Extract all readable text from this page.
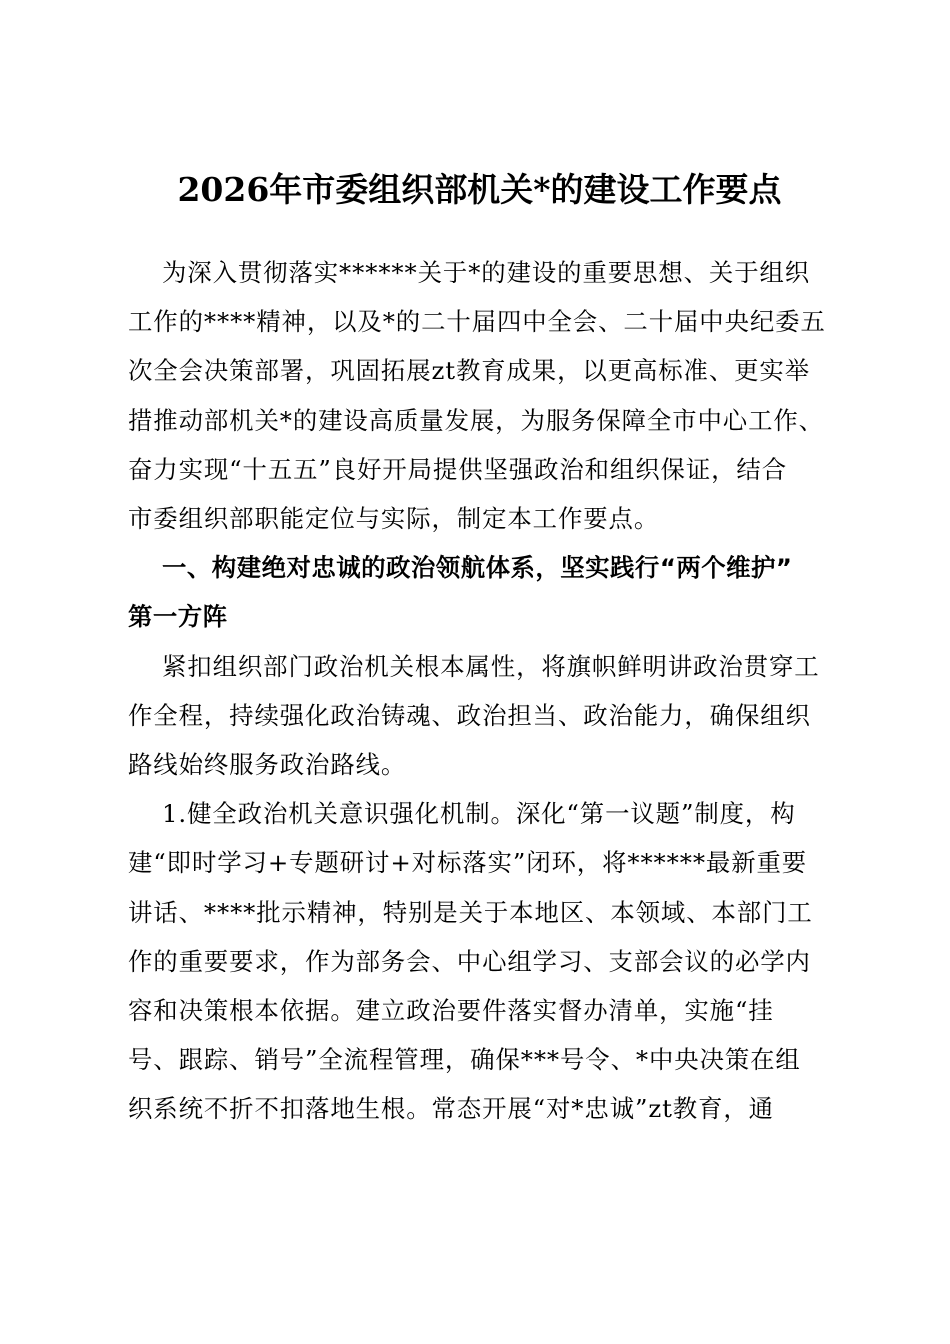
2026年市委组织部机关*的建设工作要点

为深入贯彻落实******关于*的建设的重要思想、关于组织
工作的****精神，以及*的二十届四中全会、二十届中央纪委五
次全会决策部署，巩固拓展zt教育成果，以更高标准、更实举
措推动部机关*的建设高质量发展，为服务保障全市中心工作、
奋力实现“十五五”良好开局提供坚强政治和组织保证，结合
市委组织部职能定位与实际，制定本工作要点。

一、构建绝对忠诚的政治领航体系，坚实践行“两个维护”
第一方阵

紧扣组织部门政治机关根本属性，将旗帜鲜明讲政治贯穿工
作全程，持续强化政治铸魂、政治担当、政治能力，确保组织
路线始终服务政治路线。

1.健全政治机关意识强化机制。深化“第一议题”制度，构
建“即时学习+专题研讨+对标落实”闭环，将******最新重要
讲话、****批示精神，特别是关于本地区、本领域、本部门工
作的重要要求，作为部务会、中心组学习、支部会议的必学内
容和决策根本依据。建立政治要件落实督办清单，实施“挂
号、跟踪、销号”全流程管理，确保***号令、*中央决策在组
织系统不折不扣落地生根。常态开展“对*忠诚”zt教育，通
